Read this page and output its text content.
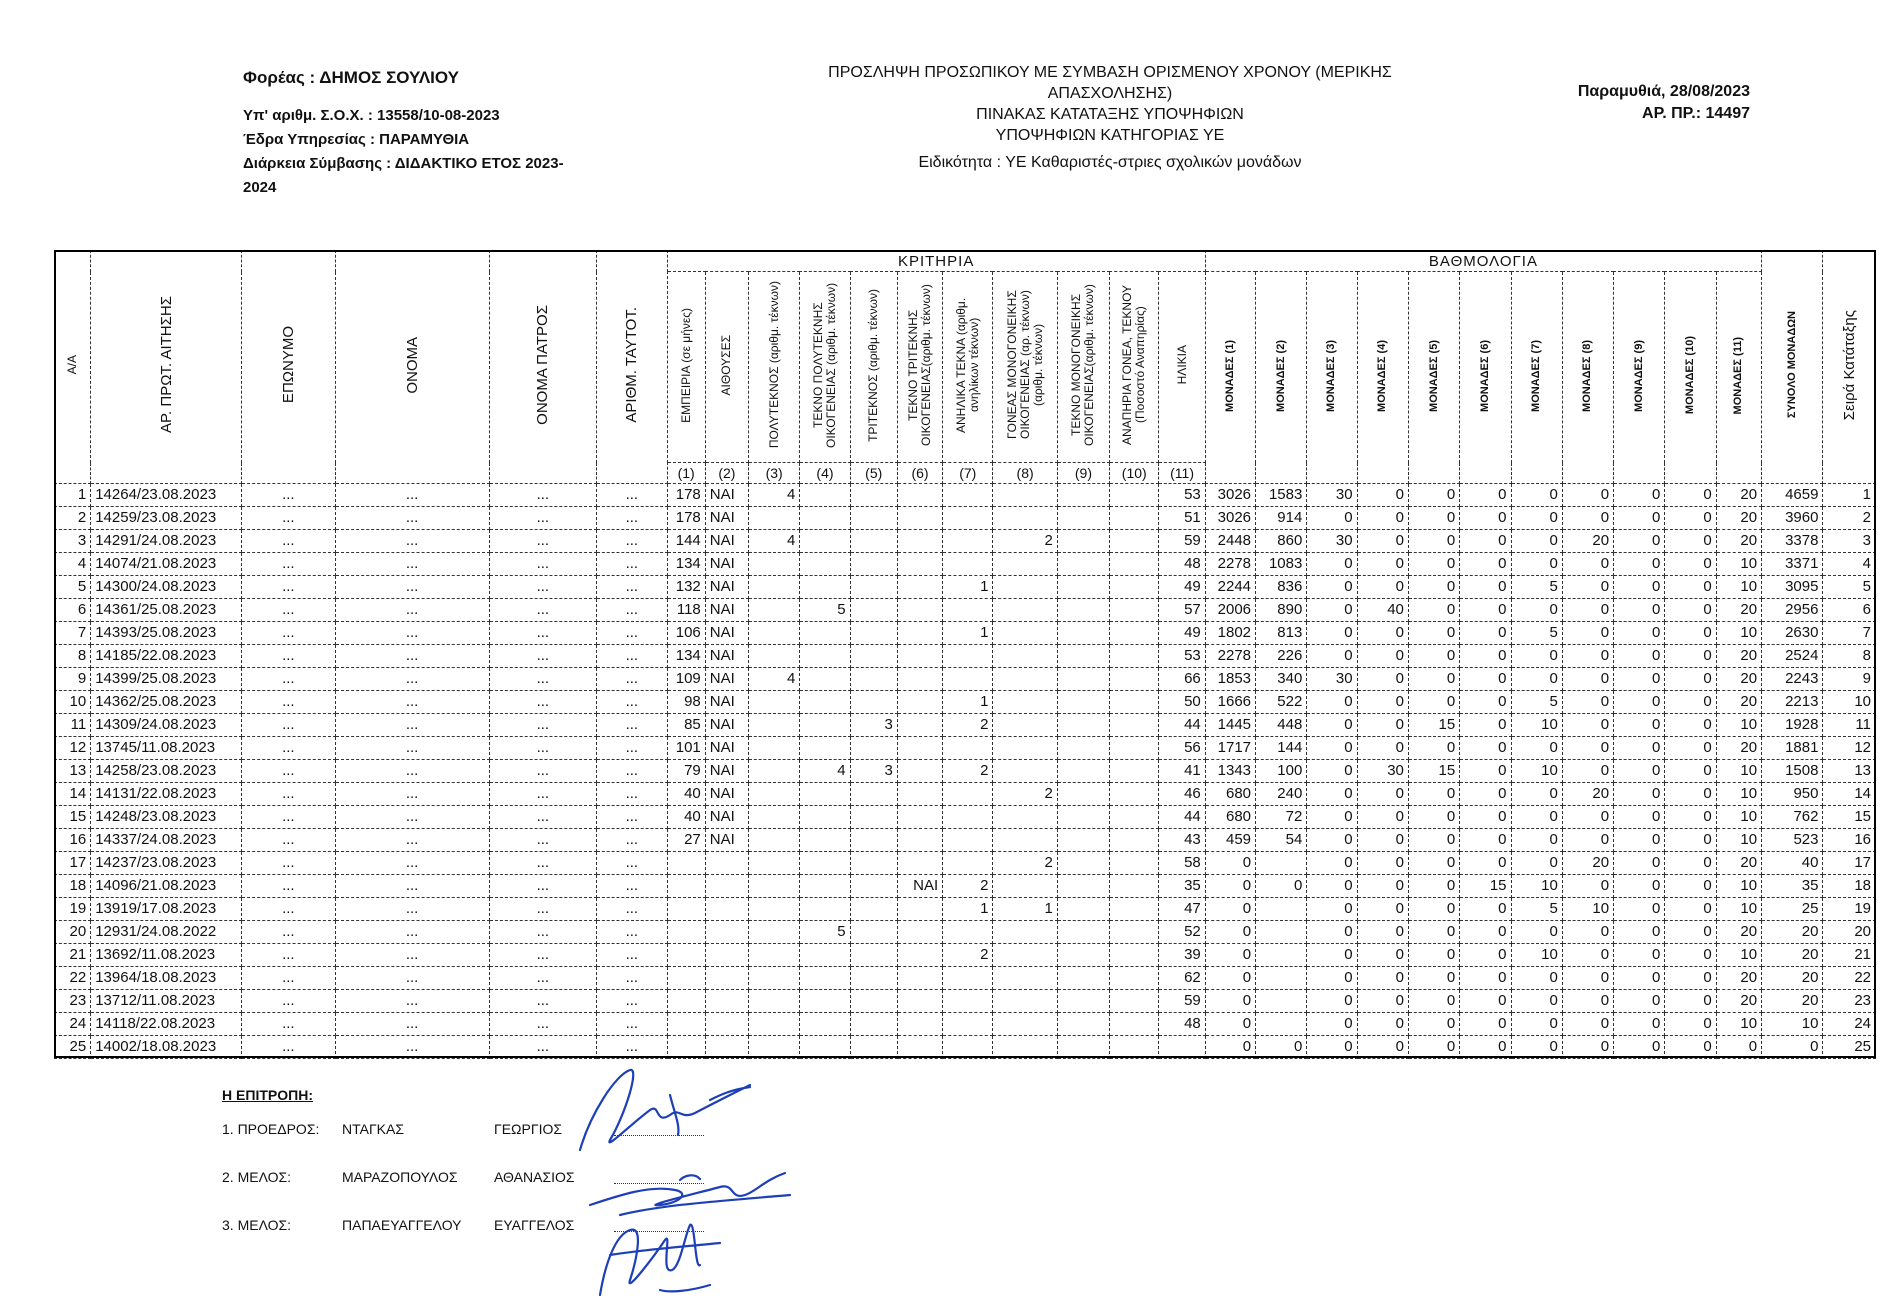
Φορέας : ΔΗΜΟΣ ΣΟΥΛΙΟΥ
Υπ' αριθμ. Σ.Ο.Χ. : 13558/10-08-2023
Έδρα Υπηρεσίας : ΠΑΡΑΜΥΘΙΑ
Διάρκεια Σύμβασης : ΔΙΔΑΚΤΙΚΟ ΕΤΟΣ 2023-2024
ΠΡΟΣΛΗΨΗ ΠΡΟΣΩΠΙΚΟΥ ΜΕ ΣΥΜΒΑΣΗ ΟΡΙΣΜΕΝΟΥ ΧΡΟΝΟΥ (ΜΕΡΙΚΗΣ ΑΠΑΣΧΟΛΗΣΗΣ)
ΠΙΝΑΚΑΣ ΚΑΤΑΤΑΞΗΣ ΥΠΟΨΗΦΙΩΝ
ΥΠΟΨΗΦΙΩΝ ΚΑΤΗΓΟΡΙΑΣ ΥΕ
Ειδικότητα : ΥΕ Καθαριστές-στριες σχολικών μονάδων
Παραμυθιά, 28/08/2023
ΑΡ. ΠΡ.: 14497
Α/Α	ΑΡ. ΠΡΩΤ. ΑΙΤΗΣΗΣ	ΕΠΩΝΥΜΟ	ΟΝΟΜΑ	ΟΝΟΜΑ ΠΑΤΡΟΣ	ΑΡΙΘΜ. ΤΑΥΤΟΤ.	ΚΡΙΤΗΡΙΑ											ΒΑΘΜΟΛΟΓΙΑ											ΣΥΝΟΛΟ ΜΟΝΑΔΩΝ	Σειρά Κατάταξης
						ΕΜΠΕΙΡΙΑ (σε μήνες)	ΑΙΘΟΥΣΕΣ	ΠΟΛΥΤΕΚΝΟΣ (αριθμ. τέκνων)	ΤΕΚΝΟ ΠΟΛΥΤΕΚΝΗΣ ΟΙΚΟΓΕΝΕΙΑΣ (αριθμ. τέκνων)	ΤΡΙΤΕΚΝΟΣ (αριθμ. τέκνων)	ΤΕΚΝΟ ΤΡΙΤΕΚΝΗΣ ΟΙΚΟΓΕΝΕΙΑΣ(αριθμ. τέκνων)	ΑΝΗΛΙΚΑ ΤΕΚΝΑ (αριθμ. ανηλίκων τέκνων)	ΓΟΝΕΑΣ ΜΟΝΟΓΟΝΕΙΚΗΣ ΟΙΚΟΓΕΝΕΙΑΣ (αρ. τέκνων) (αριθμ. τέκνων)	ΤΕΚΝΟ ΜΟΝΟΓΟΝΕΙΚΗΣ ΟΙΚΟΓΕΝΕΙΑΣ(αριθμ. τέκνων)	ΑΝΑΠΗΡΙΑ ΓΟΝΕΑ, ΤΕΚΝΟΥ (Ποσοστό Αναπηρίας)	ΗΛΙΚΙΑ	ΜΟΝΑΔΕΣ (1)	ΜΟΝΑΔΕΣ (2)	ΜΟΝΑΔΕΣ (3)	ΜΟΝΑΔΕΣ (4)	ΜΟΝΑΔΕΣ (5)	ΜΟΝΑΔΕΣ (6)	ΜΟΝΑΔΕΣ (7)	ΜΟΝΑΔΕΣ (8)	ΜΟΝΑΔΕΣ (9)	ΜΟΝΑΔΕΣ (10)	ΜΟΝΑΔΕΣ (11)		
						(1)	(2)	(3)	(4)	(5)	(6)	(7)	(8)	(9)	(10)	(11)													
1	14264/23.08.2023	...	...	...	...	178	ΝΑΙ	4								53	3026	1583	30	0	0	0	0	0	0	0	20	4659	1
2	14259/23.08.2023	...	...	...	...	178	ΝΑΙ									51	3026	914	0	0	0	0	0	0	0	0	20	3960	2
3	14291/24.08.2023	...	...	...	...	144	ΝΑΙ	4					2			59	2448	860	30	0	0	0	0	20	0	0	20	3378	3
4	14074/21.08.2023	...	...	...	...	134	ΝΑΙ									48	2278	1083	0	0	0	0	0	0	0	0	10	3371	4
5	14300/24.08.2023	...	...	...	...	132	ΝΑΙ					1				49	2244	836	0	0	0	0	5	0	0	0	10	3095	5
6	14361/25.08.2023	...	...	...	...	118	ΝΑΙ		5							57	2006	890	0	40	0	0	0	0	0	0	20	2956	6
7	14393/25.08.2023	...	...	...	...	106	ΝΑΙ					1				49	1802	813	0	0	0	0	5	0	0	0	10	2630	7
8	14185/22.08.2023	...	...	...	...	134	ΝΑΙ									53	2278	226	0	0	0	0	0	0	0	0	20	2524	8
9	14399/25.08.2023	...	...	...	...	109	ΝΑΙ	4								66	1853	340	30	0	0	0	0	0	0	0	20	2243	9
10	14362/25.08.2023	...	...	...	...	98	ΝΑΙ					1				50	1666	522	0	0	0	0	5	0	0	0	20	2213	10
11	14309/24.08.2023	...	...	...	...	85	ΝΑΙ			3		2				44	1445	448	0	0	15	0	10	0	0	0	10	1928	11
12	13745/11.08.2023	...	...	...	...	101	ΝΑΙ									56	1717	144	0	0	0	0	0	0	0	0	20	1881	12
13	14258/23.08.2023	...	...	...	...	79	ΝΑΙ		4	3		2				41	1343	100	0	30	15	0	10	0	0	0	10	1508	13
14	14131/22.08.2023	...	...	...	...	40	ΝΑΙ						2			46	680	240	0	0	0	0	0	20	0	0	10	950	14
15	14248/23.08.2023	...	...	...	...	40	ΝΑΙ									44	680	72	0	0	0	0	0	0	0	0	10	762	15
16	14337/24.08.2023	...	...	...	...	27	ΝΑΙ									43	459	54	0	0	0	0	0	0	0	0	10	523	16
17	14237/23.08.2023	...	...	...	...								2			58	0		0	0	0	0	0	20	0	0	20	40	17
18	14096/21.08.2023	...	...	...	...						ΝΑΙ	2				35	0	0	0	0	0	15	10	0	0	0	10	35	18
19	13919/17.08.2023	...	...	...	...							1	1			47	0		0	0	0	0	5	10	0	0	10	25	19
20	12931/24.08.2022	...	...	...	...				5							52	0		0	0	0	0	0	0	0	0	20	20	20
21	13692/11.08.2023	...	...	...	...							2				39	0		0	0	0	0	10	0	0	0	10	20	21
22	13964/18.08.2023	...	...	...	...											62	0		0	0	0	0	0	0	0	0	20	20	22
23	13712/11.08.2023	...	...	...	...											59	0		0	0	0	0	0	0	0	0	20	20	23
24	14118/22.08.2023	...	...	...	...											48	0		0	0	0	0	0	0	0	0	10	10	24
25	14002/18.08.2023	...	...	...	...												0	0	0	0	0	0	0	0	0	0	0	0	25
Η ΕΠΙΤΡΟΠΗ:
1. ΠΡΟΕΔΡΟΣ:	ΝΤΑΓΚΑΣ	ΓΕΩΡΓΙΟΣ
2. ΜΕΛΟΣ:	ΜΑΡΑΖΟΠΟΥΛΟΣ	ΑΘΑΝΑΣΙΟΣ
3. ΜΕΛΟΣ:	ΠΑΠΑΕΥΑΓΓΕΛΟΥ	ΕΥΑΓΓΕΛΟΣ
